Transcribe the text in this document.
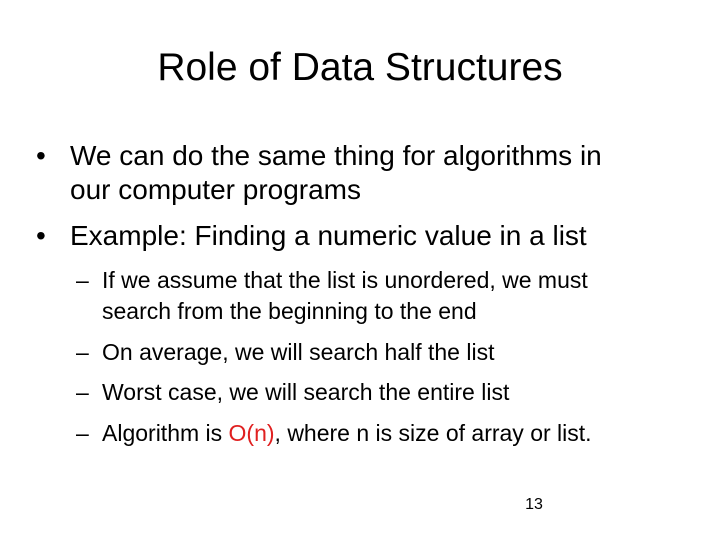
Role of Data Structures
• We can do the same thing for algorithms in
our computer programs
• Example: Finding a numeric value in a list
– If we assume that the list is unordered, we must
search from the beginning to the end
– On average, we will search half the list
– Worst case, we will search the entire list
– Algorithm is O(n), where n is size of array or list.
13
